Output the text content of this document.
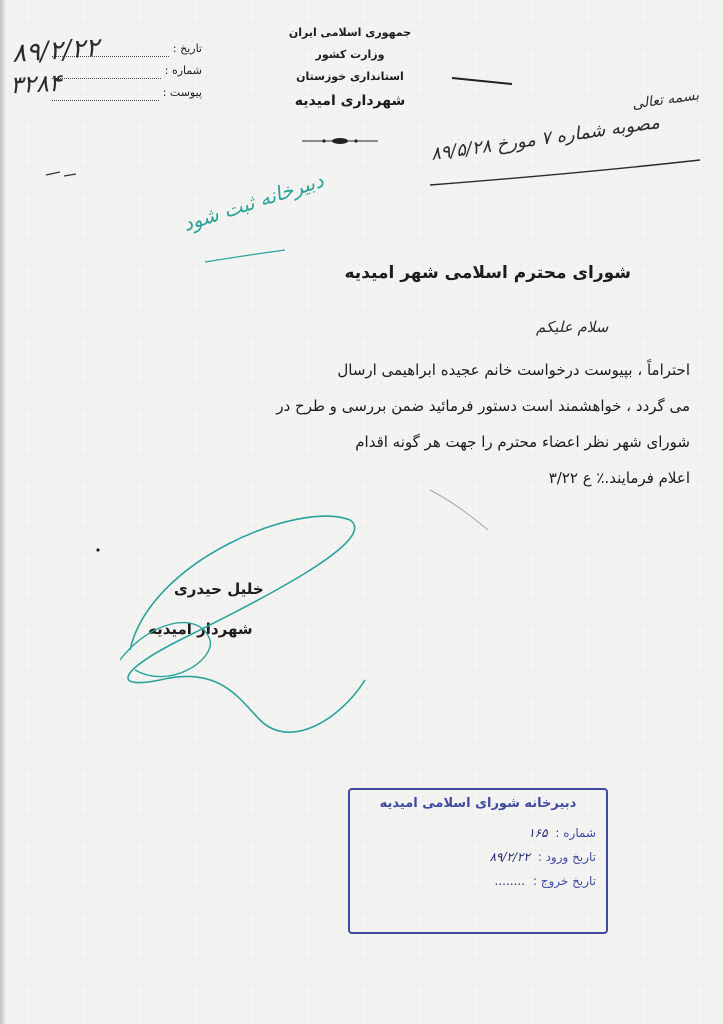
جمهوری اسلامی ایران
وزارت کشور
استانداری خوزستان
شهرداری امیدیه
تاریخ :
شماره :
پیوست :
۸۹/۲/۲۲
۳۲۸۴
بسمه تعالی
مصوبه شماره ۷ مورخ ۸۹/۵/۲۸
دبیرخانه ثبت شود
شورای محترم اسلامی شهر امیدیه
سلام علیکم
احتراماً ، بپیوست درخواست خانم عجیده ابراهیمی ارسال
می گردد ، خواهشمند است دستور فرمائید ضمن بررسی و طرح در
شورای شهر نظر اعضاء محترم را جهت هر گونه اقدام
اعلام فرمایند.٪ ع ۳/۲۲
خلیل حیدری
شهردار امیدیه
دبیرخانه شورای اسلامی امیدیه
شماره : ۱۶۵
تاریخ ورود : ۸۹/۲/۲۲
تاریخ خروج : ........
